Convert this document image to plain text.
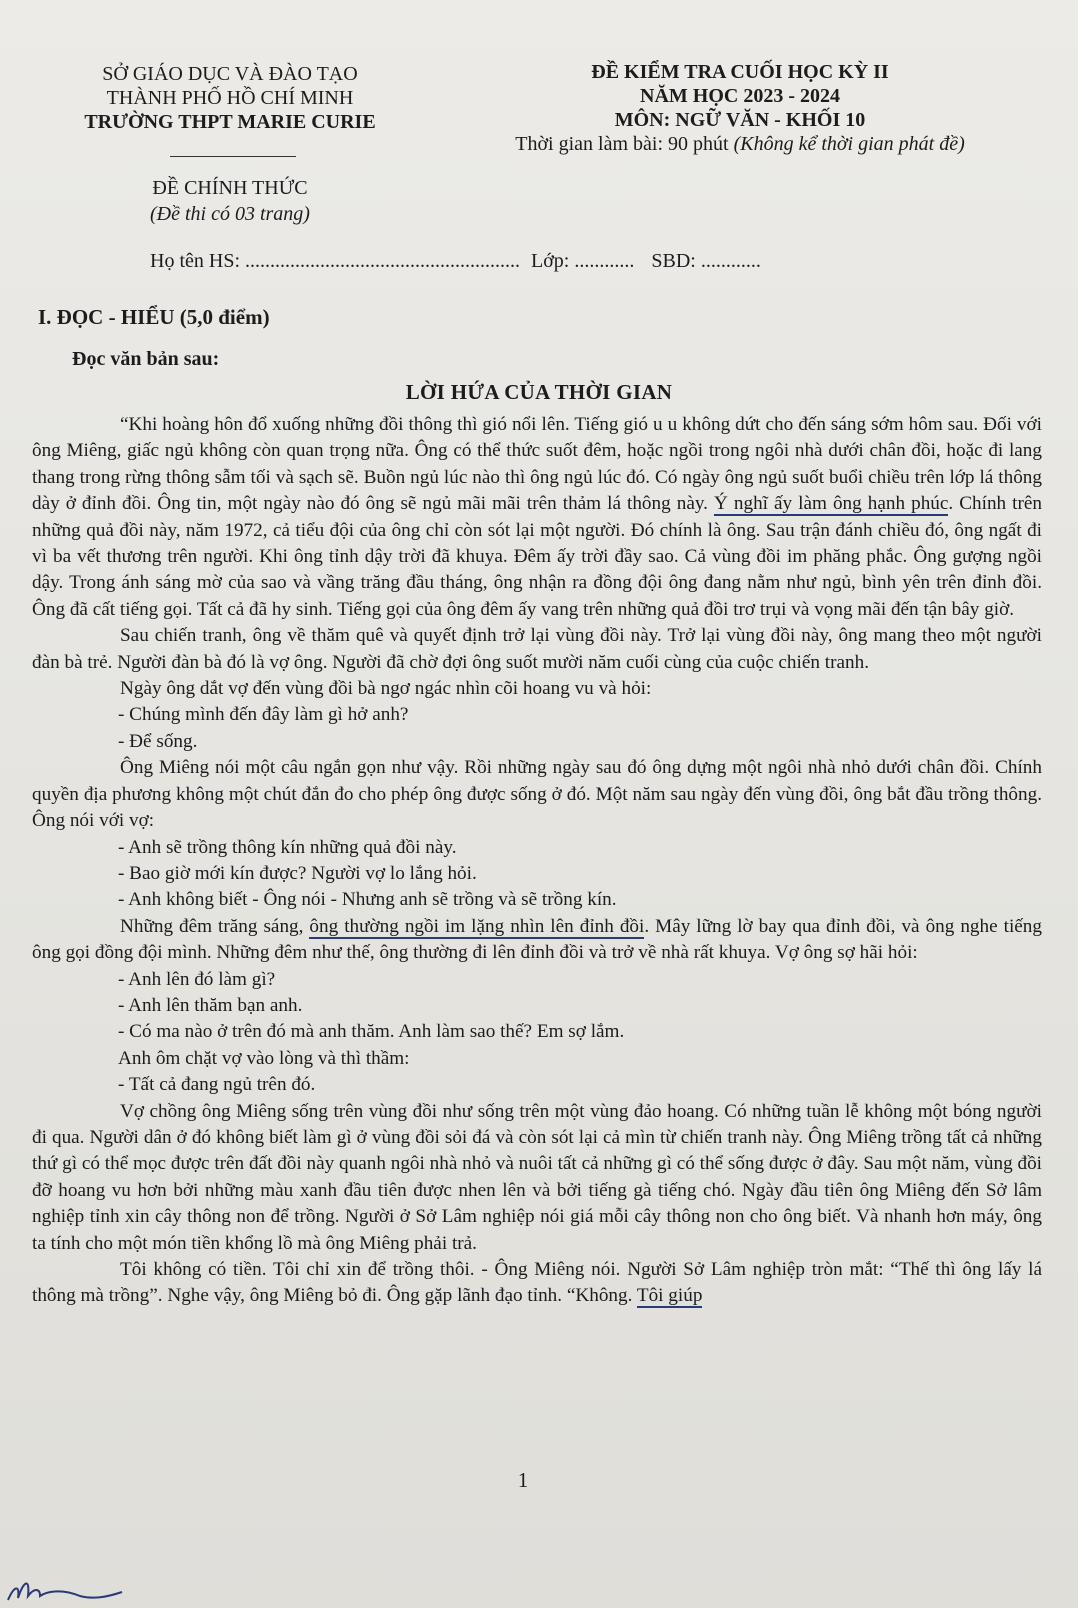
SỞ GIÁO DỤC VÀ ĐÀO TẠO
THÀNH PHỐ HỒ CHÍ MINH
TRƯỜNG THPT MARIE CURIE
ĐỀ CHÍNH THỨC
(Đề thi có 03 trang)
ĐỀ KIỂM TRA CUỐI HỌC KỲ II
NĂM HỌC 2023 - 2024
MÔN: NGỮ VĂN - KHỐI 10
Thời gian làm bài: 90 phút (Không kể thời gian phát đề)
Họ tên HS: ....................................................... Lớp: ............ SBD: ............
I. ĐỌC - HIỂU (5,0 điểm)
Đọc văn bản sau:
LỜI HỨA CỦA THỜI GIAN

“Khi hoàng hôn đổ xuống những đồi thông thì gió nổi lên. Tiếng gió u u không dứt cho đến sáng sớm hôm sau. Đối với ông Miêng, giấc ngủ không còn quan trọng nữa. Ông có thể thức suốt đêm, hoặc ngồi trong ngôi nhà dưới chân đồi, hoặc đi lang thang trong rừng thông sẫm tối và sạch sẽ. Buồn ngủ lúc nào thì ông ngủ lúc đó. Có ngày ông ngủ suốt buổi chiều trên lớp lá thông dày ở đỉnh đồi. Ông tin, một ngày nào đó ông sẽ ngủ mãi mãi trên thảm lá thông này. Ý nghĩ ấy làm ông hạnh phúc. Chính trên những quả đồi này, năm 1972, cả tiểu đội của ông chỉ còn sót lại một người. Đó chính là ông. Sau trận đánh chiều đó, ông ngất đi vì ba vết thương trên người. Khi ông tỉnh dậy trời đã khuya. Đêm ấy trời đầy sao. Cả vùng đồi im phăng phắc. Ông gượng ngồi dậy. Trong ánh sáng mờ của sao và vầng trăng đầu tháng, ông nhận ra đồng đội ông đang nằm như ngủ, bình yên trên đỉnh đồi. Ông đã cất tiếng gọi. Tất cả đã hy sinh. Tiếng gọi của ông đêm ấy vang trên những quả đồi trơ trụi và vọng mãi đến tận bây giờ.

Sau chiến tranh, ông về thăm quê và quyết định trở lại vùng đồi này. Trở lại vùng đồi này, ông mang theo một người đàn bà trẻ. Người đàn bà đó là vợ ông. Người đã chờ đợi ông suốt mười năm cuối cùng của cuộc chiến tranh.

Ngày ông dắt vợ đến vùng đồi bà ngơ ngác nhìn cõi hoang vu và hỏi:

- Chúng mình đến đây làm gì hở anh?

- Để sống.

Ông Miêng nói một câu ngắn gọn như vậy. Rồi những ngày sau đó ông dựng một ngôi nhà nhỏ dưới chân đồi. Chính quyền địa phương không một chút đắn đo cho phép ông được sống ở đó. Một năm sau ngày đến vùng đồi, ông bắt đầu trồng thông. Ông nói với vợ:

- Anh sẽ trồng thông kín những quả đồi này.

- Bao giờ mới kín được? Người vợ lo lắng hỏi.

- Anh không biết - Ông nói - Nhưng anh sẽ trồng và sẽ trồng kín.

Những đêm trăng sáng, ông thường ngồi im lặng nhìn lên đỉnh đồi. Mây lững lờ bay qua đỉnh đồi, và ông nghe tiếng ông gọi đồng đội mình. Những đêm như thế, ông thường đi lên đỉnh đồi và trở về nhà rất khuya. Vợ ông sợ hãi hỏi:

- Anh lên đó làm gì?

- Anh lên thăm bạn anh.

- Có ma nào ở trên đó mà anh thăm. Anh làm sao thế? Em sợ lắm.

Anh ôm chặt vợ vào lòng và thì thầm:

- Tất cả đang ngủ trên đó.

Vợ chồng ông Miêng sống trên vùng đồi như sống trên một vùng đảo hoang. Có những tuần lễ không một bóng người đi qua. Người dân ở đó không biết làm gì ở vùng đồi sỏi đá và còn sót lại cả mìn từ chiến tranh này. Ông Miêng trồng tất cả những thứ gì có thể mọc được trên đất đồi này quanh ngôi nhà nhỏ và nuôi tất cả những gì có thể sống được ở đây. Sau một năm, vùng đồi đỡ hoang vu hơn bởi những màu xanh đầu tiên được nhen lên và bởi tiếng gà tiếng chó. Ngày đầu tiên ông Miêng đến Sở lâm nghiệp tỉnh xin cây thông non để trồng. Người ở Sở Lâm nghiệp nói giá mỗi cây thông non cho ông biết. Và nhanh hơn máy, ông ta tính cho một món tiền khổng lồ mà ông Miêng phải trả.

Tôi không có tiền. Tôi chỉ xin để trồng thôi. - Ông Miêng nói. Người Sở Lâm nghiệp tròn mắt: “Thế thì ông lấy lá thông mà trồng”. Nghe vậy, ông Miêng bỏ đi. Ông gặp lãnh đạo tỉnh. “Không. Tôi giúp

1
